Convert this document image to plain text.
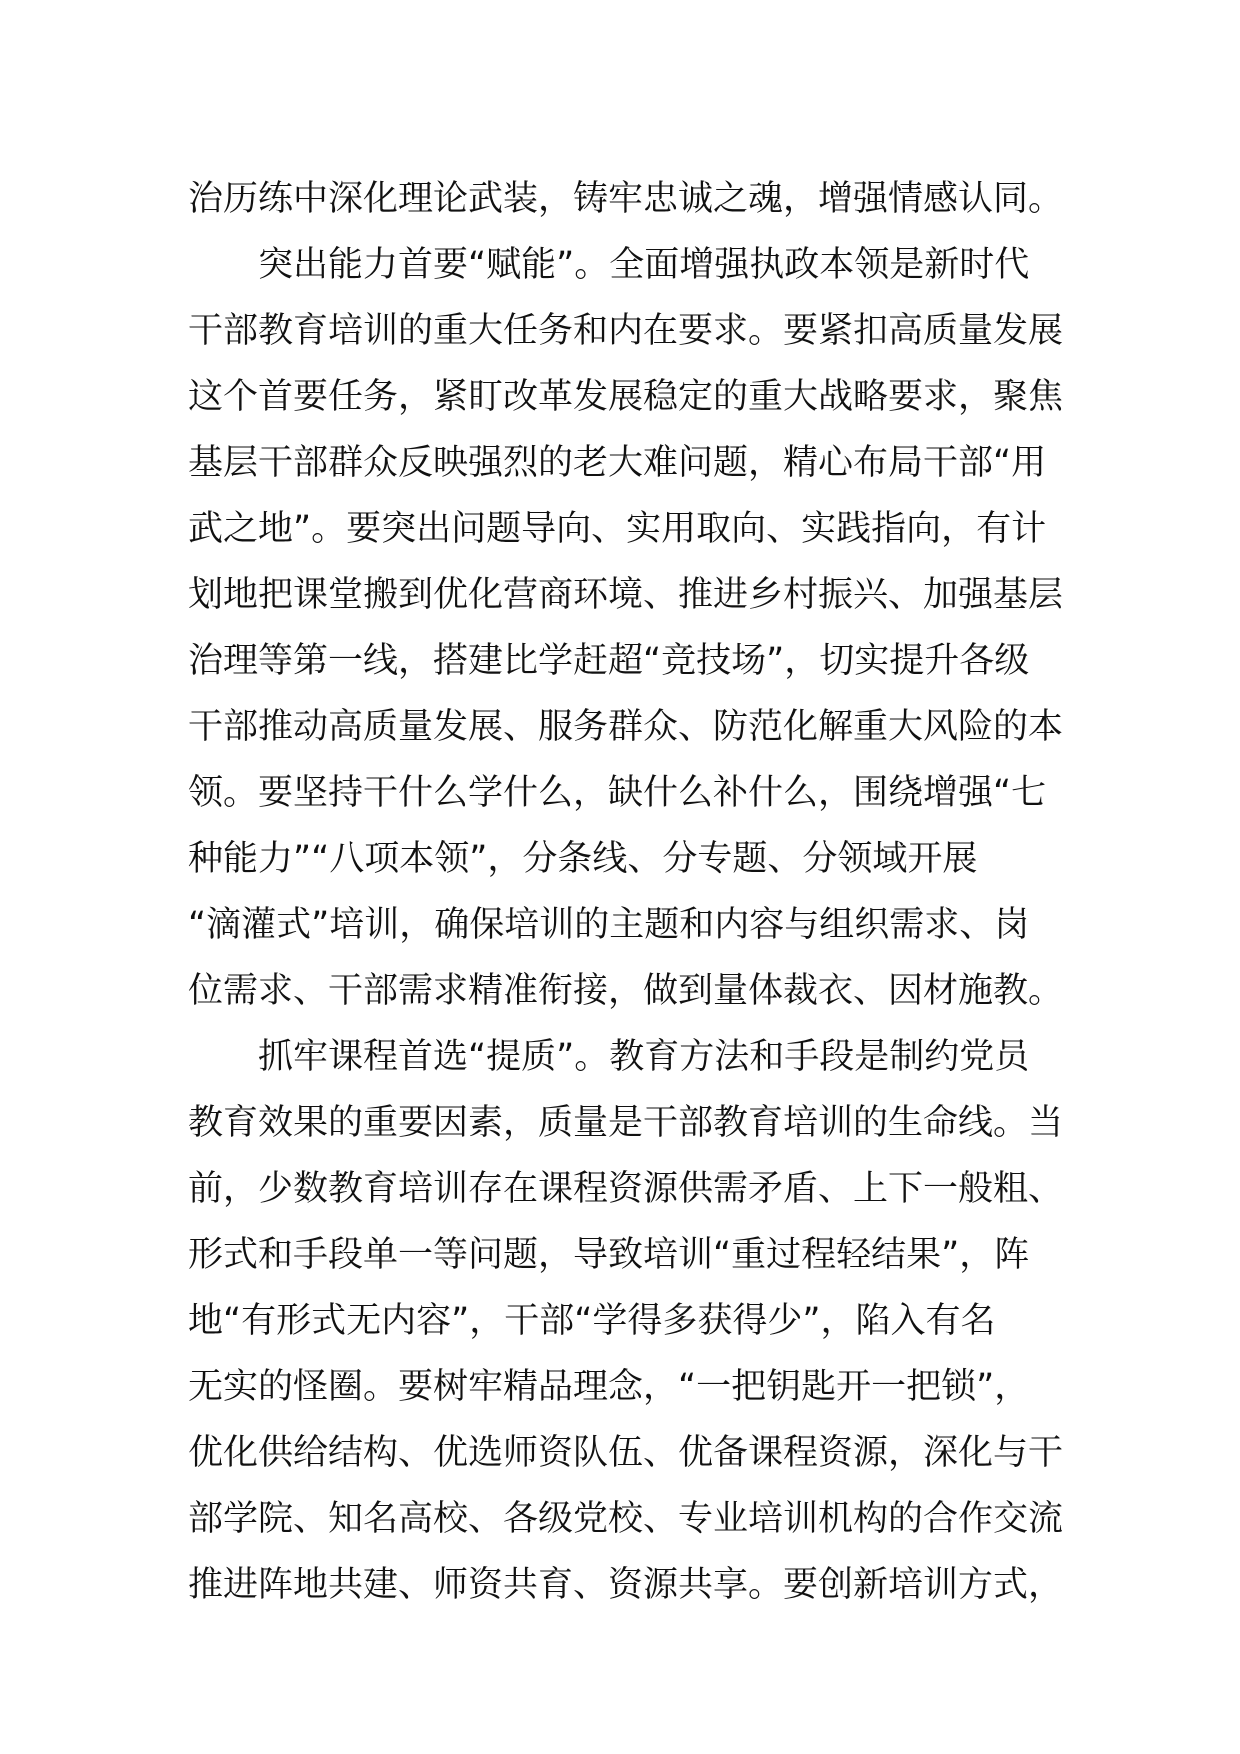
治历练中深化理论武装，铸牢忠诚之魂，增强情感认同。
突出能力首要“赋能”。全面增强执政本领是新时代
干部教育培训的重大任务和内在要求。要紧扣高质量发展
这个首要任务，紧盯改革发展稳定的重大战略要求，聚焦
基层干部群众反映强烈的老大难问题，精心布局干部“用
武之地”。要突出问题导向、实用取向、实践指向，有计
划地把课堂搬到优化营商环境、推进乡村振兴、加强基层
治理等第一线，搭建比学赶超“竞技场”，切实提升各级
干部推动高质量发展、服务群众、防范化解重大风险的本
领。要坚持干什么学什么，缺什么补什么，围绕增强“七
种能力”“八项本领”，分条线、分专题、分领域开展
“滴灌式”培训，确保培训的主题和内容与组织需求、岗
位需求、干部需求精准衔接，做到量体裁衣、因材施教。
抓牢课程首选“提质”。教育方法和手段是制约党员
教育效果的重要因素，质量是干部教育培训的生命线。当
前，少数教育培训存在课程资源供需矛盾、上下一般粗、
形式和手段单一等问题，导致培训“重过程轻结果”，阵
地“有形式无内容”，干部“学得多获得少”，陷入有名
无实的怪圈。要树牢精品理念，“一把钥匙开一把锁”，
优化供给结构、优选师资队伍、优备课程资源，深化与干
部学院、知名高校、各级党校、专业培训机构的合作交流
推进阵地共建、师资共育、资源共享。要创新培训方式，
